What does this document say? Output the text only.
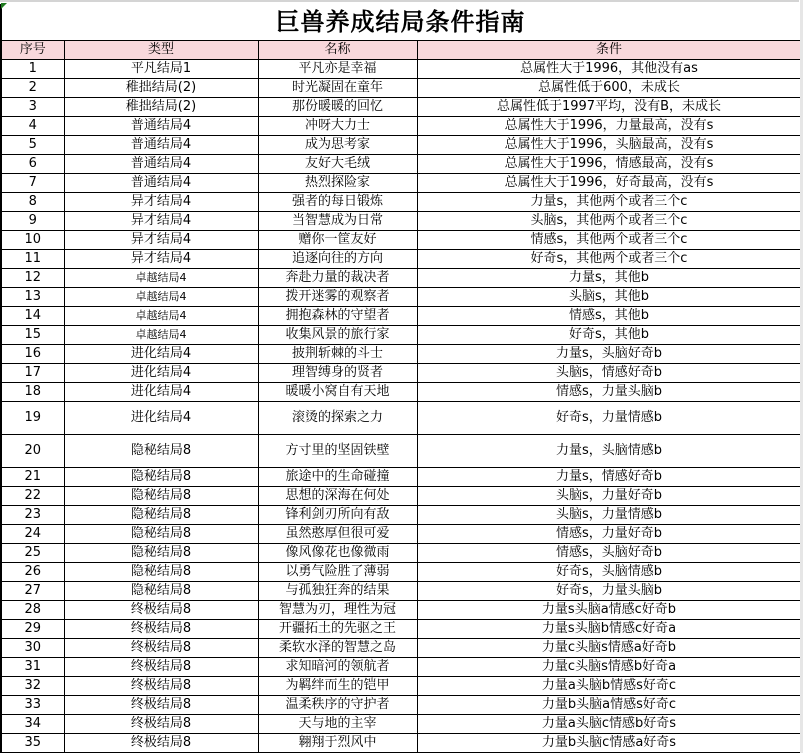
巨兽养成结局条件指南
序号	类型	名称	条件
1	平凡结局1	平凡亦是幸福	总属性大于1996，其他没有as
2	稚拙结局(2)	时光凝固在童年	总属性低于600，未成长
3	稚拙结局(2)	那份暖暖的回忆	总属性低于1997平均，没有B，未成长
4	普通结局4	冲呀大力士	总属性大于1996，力量最高，没有s
5	普通结局4	成为思考家	总属性大于1996，头脑最高，没有s
6	普通结局4	友好大毛绒	总属性大于1996，情感最高，没有s
7	普通结局4	热烈探险家	总属性大于1996，好奇最高，没有s
8	异才结局4	强者的每日锻炼	力量s，其他两个或者三个c
9	异才结局4	当智慧成为日常	头脑s，其他两个或者三个c
10	异才结局4	赠你一筐友好	情感s，其他两个或者三个c
11	异才结局4	追逐向往的方向	好奇s，其他两个或者三个c
12	卓越结局4	奔赴力量的裁决者	力量s，其他b
13	卓越结局4	拨开迷雾的观察者	头脑s，其他b
14	卓越结局4	拥抱森林的守望者	情感s，其他b
15	卓越结局4	收集风景的旅行家	好奇s，其他b
16	进化结局4	披荆斩棘的斗士	力量s，头脑好奇b
17	进化结局4	理智缚身的贤者	头脑s，情感好奇b
18	进化结局4	暖暖小窝自有天地	情感s，力量头脑b
19	进化结局4	滚烫的探索之力	好奇s，力量情感b
20	隐秘结局8	方寸里的坚固铁壁	力量s，头脑情感b
21	隐秘结局8	旅途中的生命碰撞	力量s，情感好奇b
22	隐秘结局8	思想的深海在何处	头脑s，力量好奇b
23	隐秘结局8	锋利剑刃所向有敌	头脑s，力量情感b
24	隐秘结局8	虽然憨厚但很可爱	情感s，力量好奇b
25	隐秘结局8	像风像花也像微雨	情感s，头脑好奇b
26	隐秘结局8	以勇气险胜了薄弱	好奇s，头脑情感b
27	隐秘结局8	与孤独狂奔的结果	好奇s，力量头脑b
28	终极结局8	智慧为刃，理性为冠	力量s头脑a情感c好奇b
29	终极结局8	开疆拓土的先驱之王	力量s头脑b情感c好奇a
30	终极结局8	柔软水泽的智慧之岛	力量c头脑s情感a好奇b
31	终极结局8	求知暗河的领航者	力量c头脑s情感b好奇a
32	终极结局8	为羁绊而生的铠甲	力量a头脑b情感s好奇c
33	终极结局8	温柔秩序的守护者	力量b头脑a情感s好奇c
34	终极结局8	天与地的主宰	力量a头脑c情感b好奇s
35	终极结局8	翱翔于烈风中	力量b头脑c情感a好奇s
